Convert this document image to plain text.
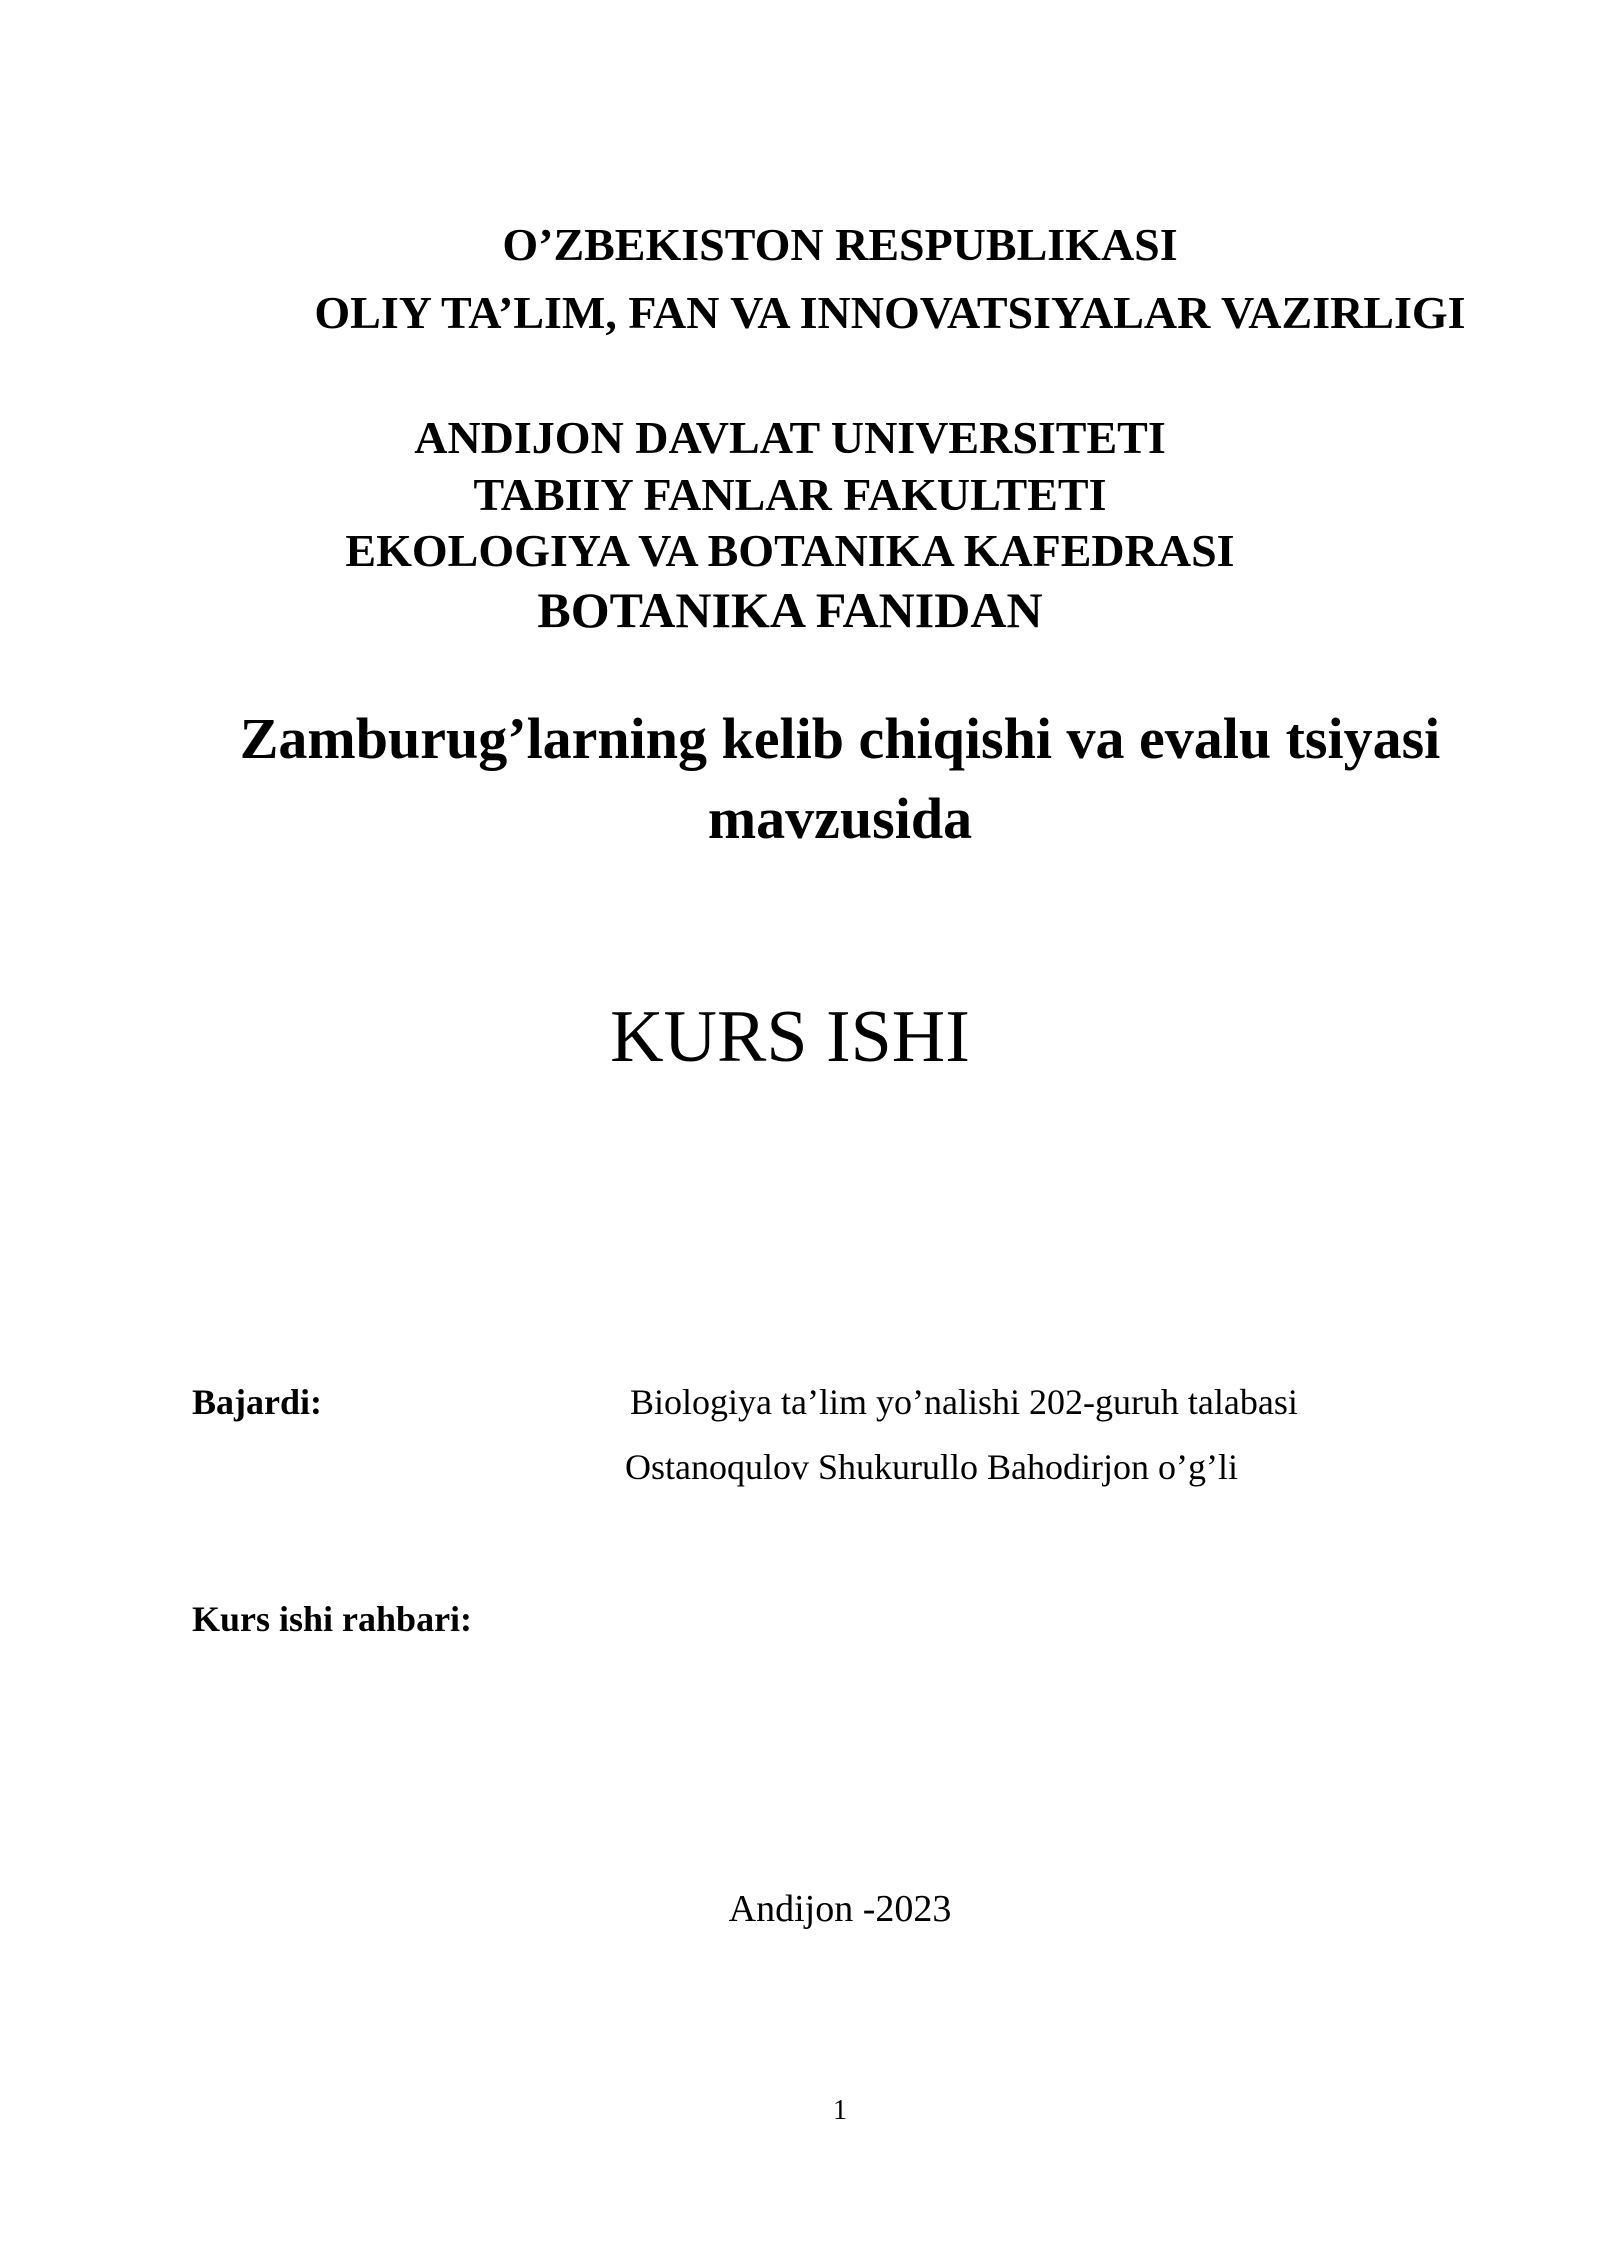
O’ZBEKISTON RESPUBLIKASI
OLIY TA’LIM, FAN VA INNOVATSIYALAR VAZIRLIGI
ANDIJON DAVLAT UNIVERSITETI
TABIIY FANLAR FAKULTETI
EKOLOGIYA VA BOTANIKA KAFEDRASI
BOTANIKA FANIDAN
Zamburug’larning kelib chiqishi va evalu tsiyasi
mavzusida
KURS ISHI
Bajardi:	Biologiya ta’lim yo’nalishi 202-guruh talabasi
Ostanoqulov Shukurullo Bahodirjon o’g’li
Kurs ishi rahbari:
Andijon -2023
1
